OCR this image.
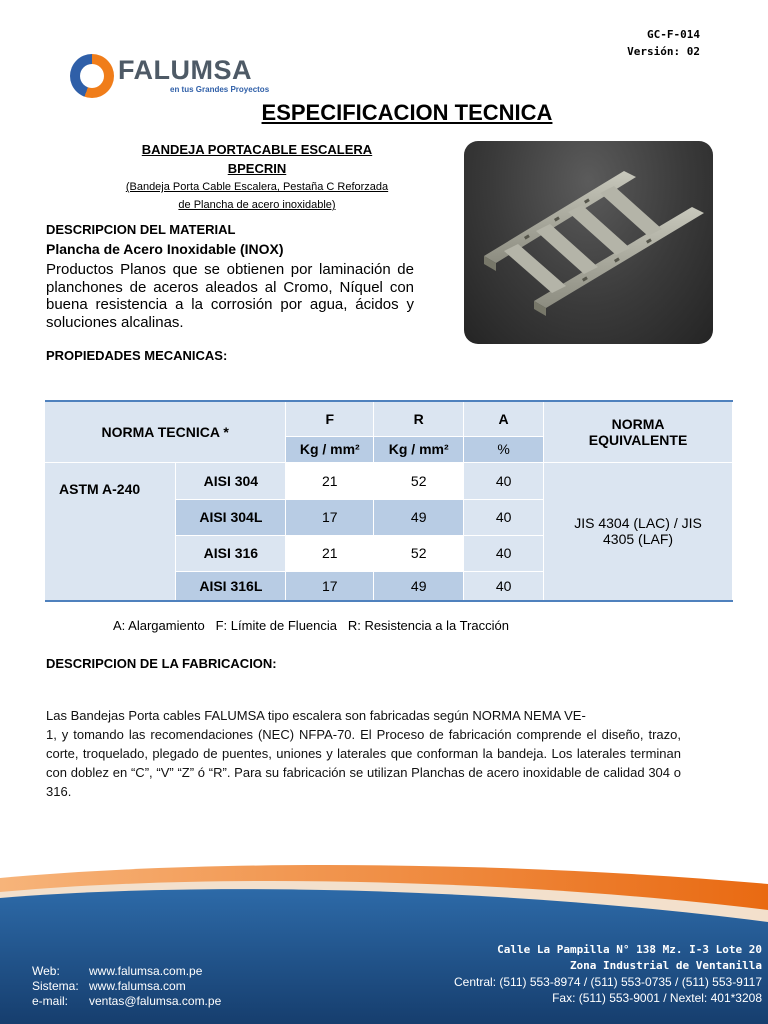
GC-F-014
Versión: 02
FALUMSA
en tus Grandes Proyectos
ESPECIFICACION TECNICA
BANDEJA PORTACABLE ESCALERA
BPECRIN
(Bandeja Porta Cable Escalera, Pestaña C Reforzada
de Plancha de acero inoxidable)
DESCRIPCION DEL MATERIAL
Plancha de Acero Inoxidable (INOX)
Productos Planos que se obtienen por laminación de planchones de aceros aleados al Cromo, Níquel con buena resistencia a la corrosión por agua, ácidos y soluciones alcalinas.
PROPIEDADES MECANICAS:
NORMA TECNICA *		F	R	A	NORMA
EQUIVALENTE

		Kg / mm²	Kg / mm²	%	
ASTM A-240	AISI 304	21	52	40	JIS 4304 (LAC) / JIS
4305 (LAF)

	AISI 304L	17	49	40	
	AISI 316	21	52	40	
	AISI 316L	17	49	40	
A: Alargamiento   F: Límite de Fluencia   R: Resistencia a la Tracción
DESCRIPCION DE LA FABRICACION:
Las Bandejas Porta cables FALUMSA tipo escalera son fabricadas según NORMA NEMA VE-
1, y tomando las recomendaciones (NEC) NFPA-70. El Proceso de fabricación comprende el diseño, trazo, corte, troquelado, plegado de puentes, uniones y laterales que conforman la bandeja. Los laterales terminan con doblez en “C”, “V” “Z” ó “R”. Para su fabricación se utilizan Planchas de acero inoxidable de calidad 304 o 316.
Web: www.falumsa.com.pe
Sistema: www.falumsa.com
e-mail: ventas@falumsa.com.pe
Calle La Pampilla N° 138 Mz. I-3 Lote 20
Zona Industrial de Ventanilla
Central: (511) 553-8974 / (511) 553-0735 / (511) 553-9117
Fax: (511) 553-9001 / Nextel: 401*3208
